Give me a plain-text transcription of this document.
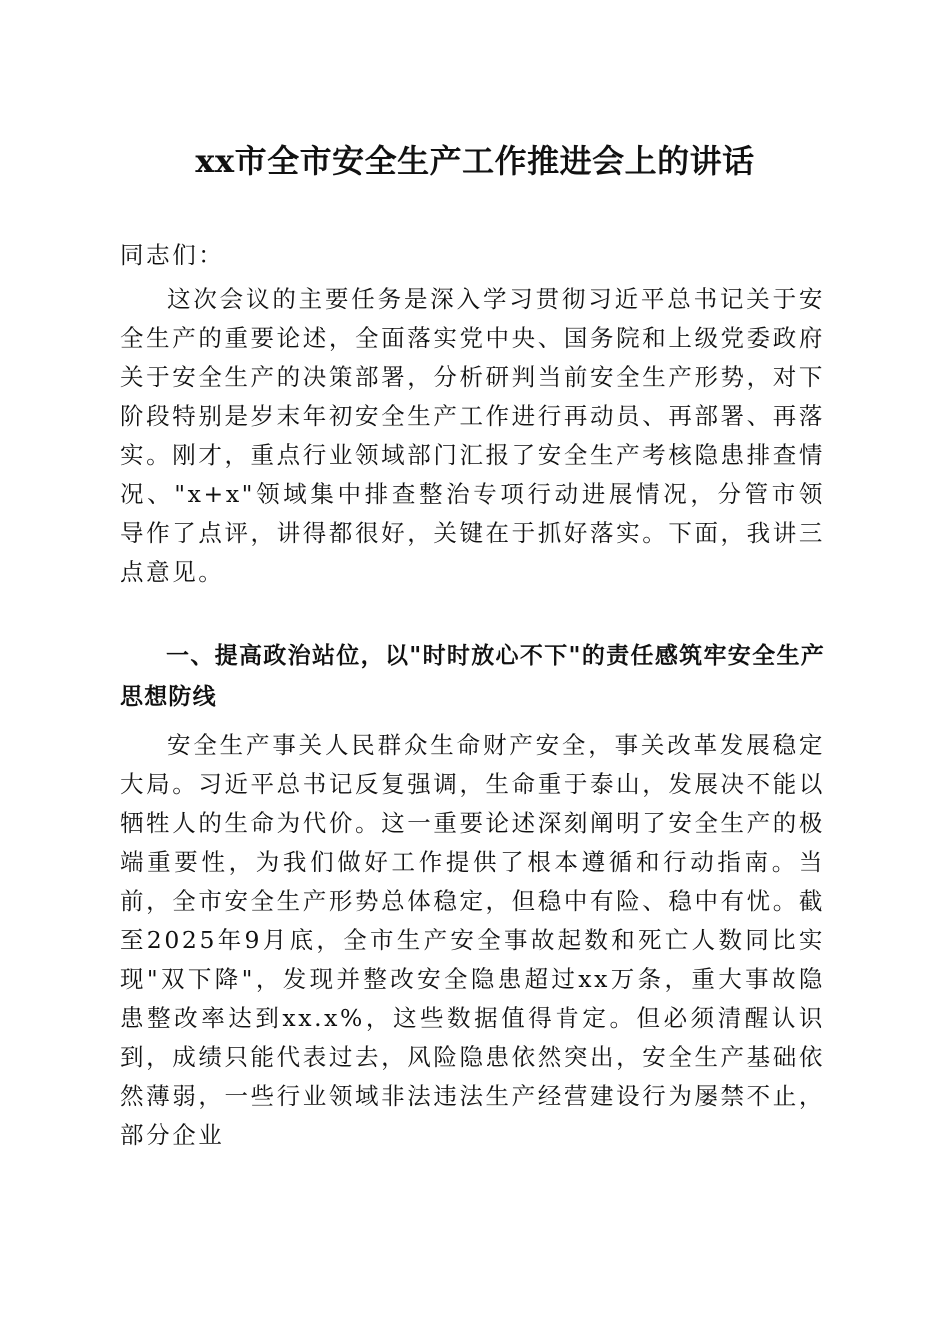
xx市全市安全生产工作推进会上的讲话

同志们：

这次会议的主要任务是深入学习贯彻习近平总书记关于安全生产的重要论述，全面落实党中央、国务院和上级党委政府关于安全生产的决策部署，分析研判当前安全生产形势，对下阶段特别是岁末年初安全生产工作进行再动员、再部署、再落实。刚才，重点行业领域部门汇报了安全生产考核隐患排查情况、"x+x"领域集中排查整治专项行动进展情况，分管市领导作了点评，讲得都很好，关键在于抓好落实。下面，我讲三点意见。

一、提高政治站位，以"时时放心不下"的责任感筑牢安全生产思想防线

安全生产事关人民群众生命财产安全，事关改革发展稳定大局。习近平总书记反复强调，生命重于泰山，发展决不能以牺牲人的生命为代价。这一重要论述深刻阐明了安全生产的极端重要性，为我们做好工作提供了根本遵循和行动指南。当前，全市安全生产形势总体稳定，但稳中有险、稳中有忧。截至2025年9月底，全市生产安全事故起数和死亡人数同比实现"双下降"，发现并整改安全隐患超过xx万条，重大事故隐患整改率达到xx.x%，这些数据值得肯定。但必须清醒认识到，成绩只能代表过去，风险隐患依然突出，安全生产基础依然薄弱，一些行业领域非法违法生产经营建设行为屡禁不止，部分企业
